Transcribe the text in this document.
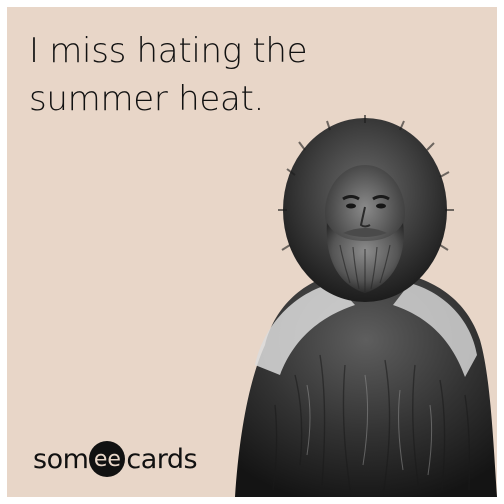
I miss hating the
summer heat.

som ee cards
